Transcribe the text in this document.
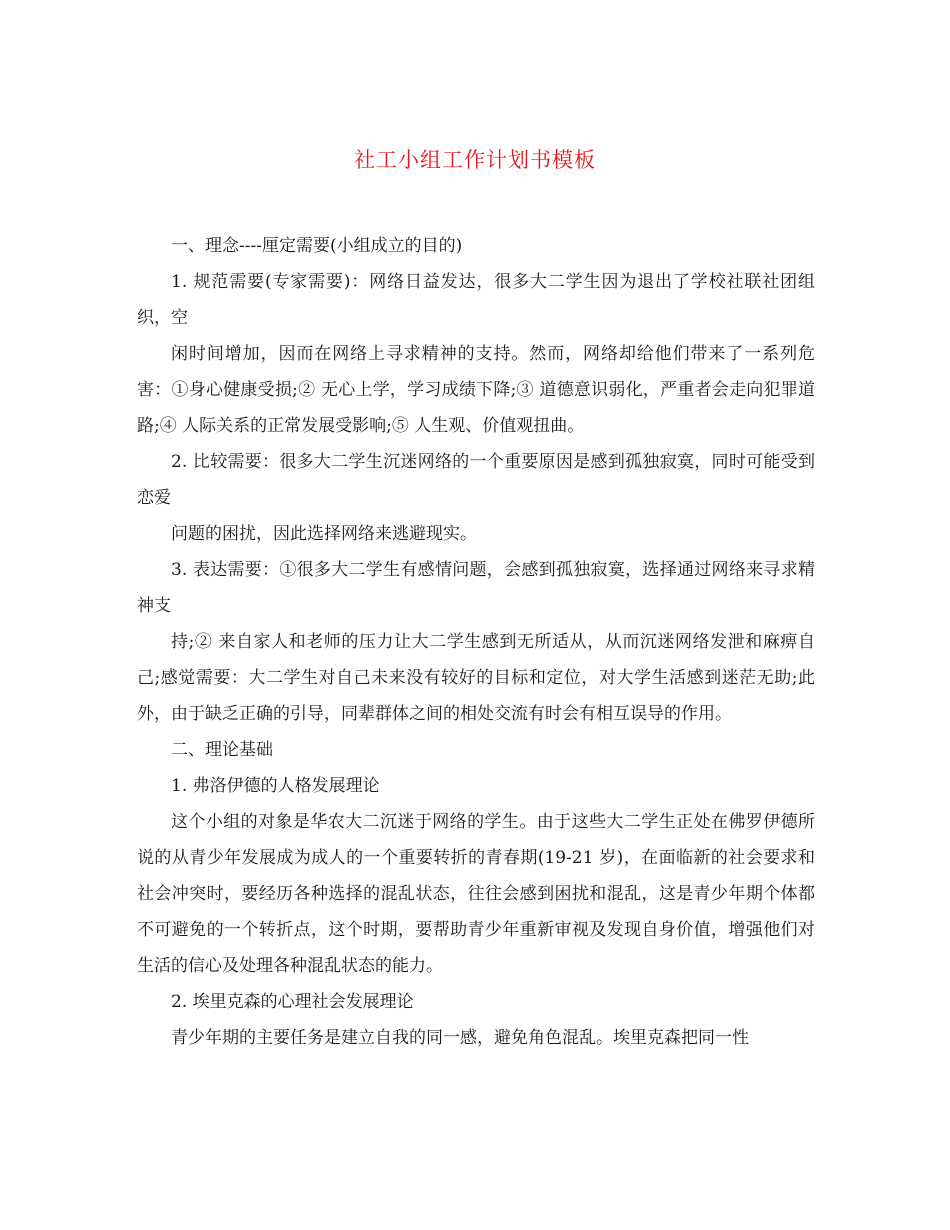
社工小组工作计划书模板

一、理念----厘定需要(小组成立的目的)

1. 规范需要(专家需要)：网络日益发达，很多大二学生因为退出了学校社联社团组织，空

闲时间增加，因而在网络上寻求精神的支持。然而，网络却给他们带来了一系列危害：①身心健康受损;② 无心上学，学习成绩下降;③ 道德意识弱化，严重者会走向犯罪道路;④ 人际关系的正常发展受影响;⑤ 人生观、价值观扭曲。

2. 比较需要：很多大二学生沉迷网络的一个重要原因是感到孤独寂寞，同时可能受到恋爱

问题的困扰，因此选择网络来逃避现实。

3. 表达需要：①很多大二学生有感情问题，会感到孤独寂寞，选择通过网络来寻求精神支

持;② 来自家人和老师的压力让大二学生感到无所适从，从而沉迷网络发泄和麻痹自己;感觉需要：大二学生对自己未来没有较好的目标和定位，对大学生活感到迷茫无助;此外，由于缺乏正确的引导，同辈群体之间的相处交流有时会有相互误导的作用。

二、理论基础

1. 弗洛伊德的人格发展理论

这个小组的对象是华农大二沉迷于网络的学生。由于这些大二学生正处在佛罗伊德所说的从青少年发展成为成人的一个重要转折的青春期(19-21 岁)，在面临新的社会要求和社会冲突时，要经历各种选择的混乱状态，往往会感到困扰和混乱，这是青少年期个体都不可避免的一个转折点，这个时期，要帮助青少年重新审视及发现自身价值，增强他们对生活的信心及处理各种混乱状态的能力。

2. 埃里克森的心理社会发展理论

青少年期的主要任务是建立自我的同一感，避免角色混乱。埃里克森把同一性
